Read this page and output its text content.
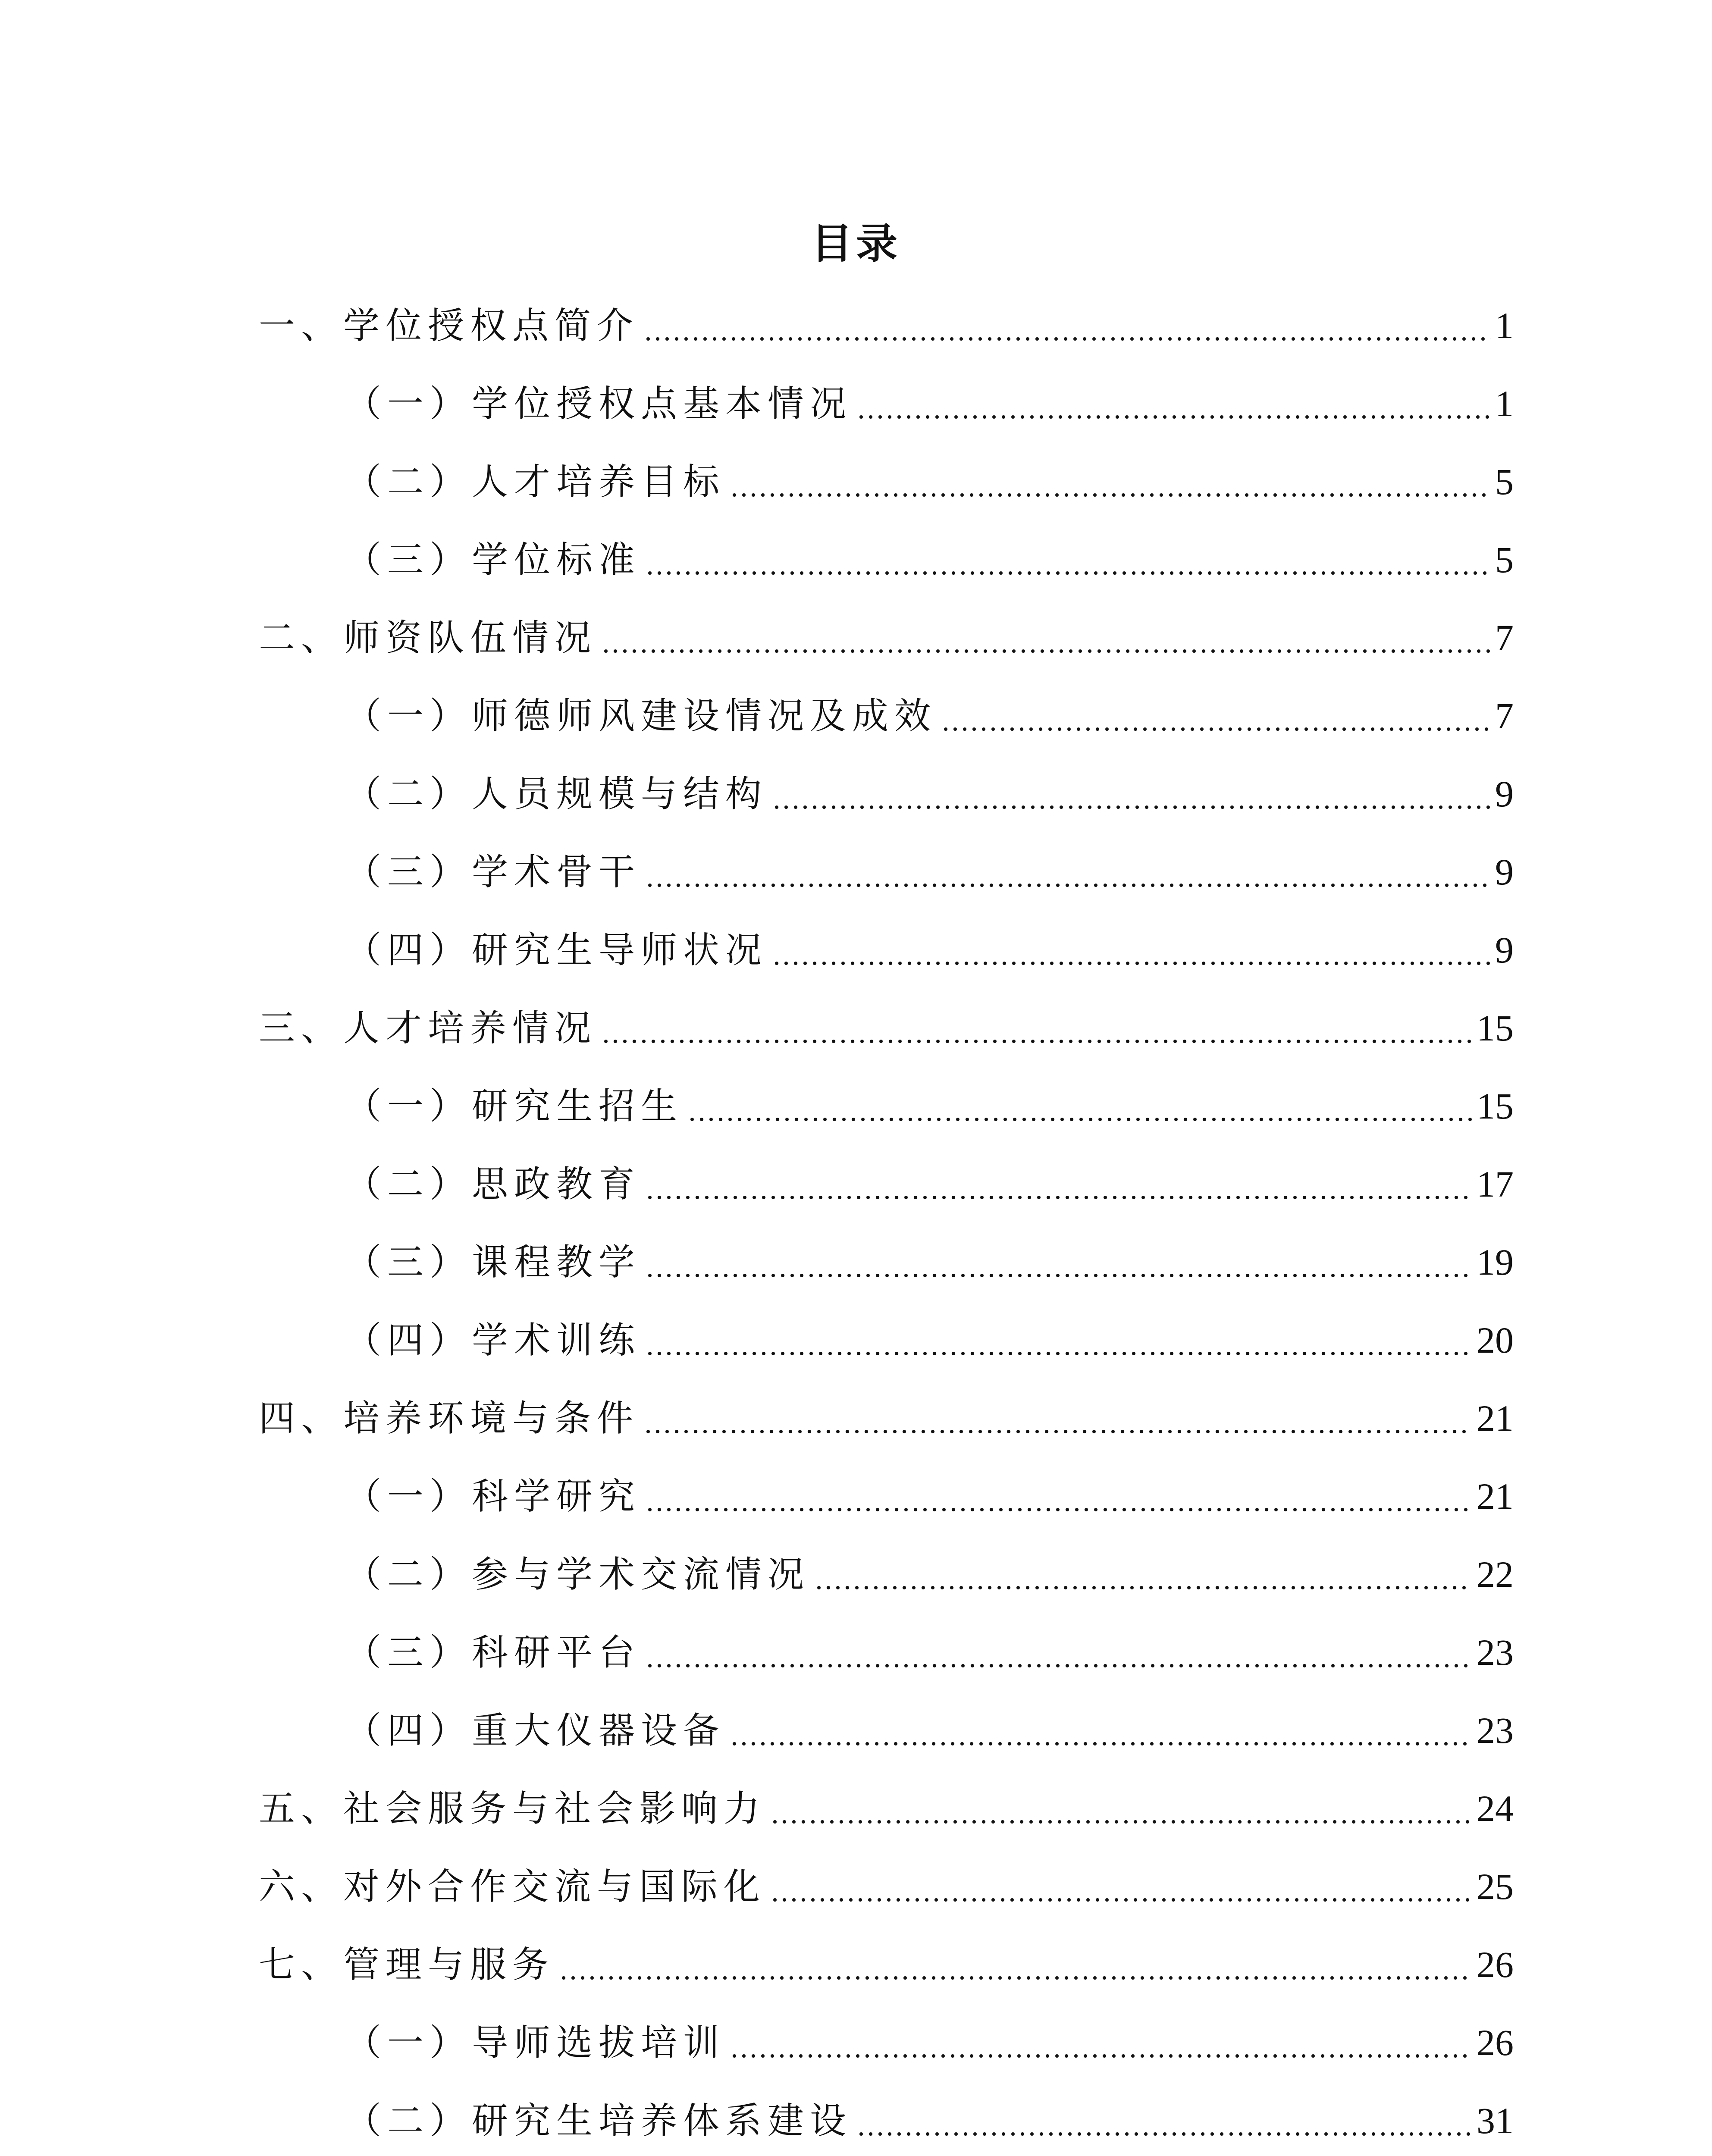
目录
一、学位授权点简介	1
（一）学位授权点基本情况	1
（二）人才培养目标	5
（三）学位标准	5
二、师资队伍情况	7
（一）师德师风建设情况及成效	7
（二）人员规模与结构	9
（三）学术骨干	9
（四）研究生导师状况	9
三、人才培养情况	15
（一）研究生招生	15
（二）思政教育	17
（三）课程教学	19
（四）学术训练	20
四、培养环境与条件	21
（一）科学研究	21
（二）参与学术交流情况	22
（三）科研平台	23
（四）重大仪器设备	23
五、社会服务与社会影响力	24
六、对外合作交流与国际化	25
七、管理与服务	26
（一）导师选拔培训	26
（二）研究生培养体系建设	31
